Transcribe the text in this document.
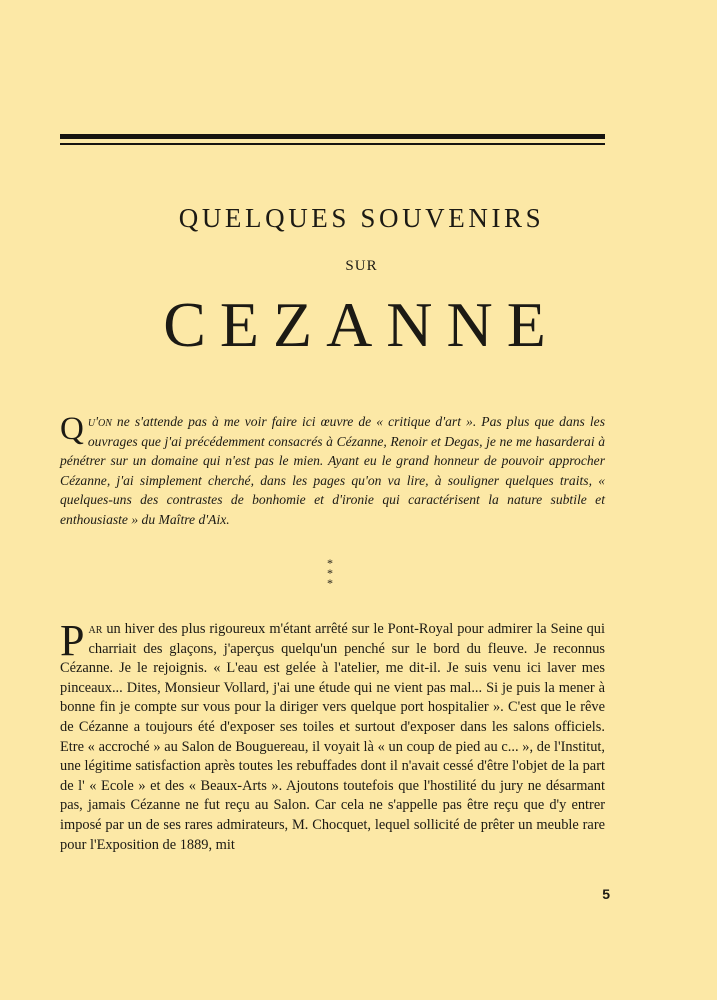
QUELQUES SOUVENIRS
SUR
CEZANNE

Qu'on ne s'attende pas à me voir faire ici œuvre de « critique d'art ». Pas plus que dans les ouvrages que j'ai précédemment consacrés à Cézanne, Renoir et Degas, je ne me hasarderai à pénétrer sur un domaine qui n'est pas le mien. Ayant eu le grand honneur de pouvoir approcher Cézanne, j'ai simplement cherché, dans les pages qu'on va lire, à souligner quelques traits, « quelques-uns des contrastes de bonhomie et d'ironie qui caractérisent la nature subtile et enthousiaste » du Maître d'Aix.

*
* *

Par un hiver des plus rigoureux m'étant arrêté sur le Pont-Royal pour admirer la Seine qui charriait des glaçons, j'aperçus quelqu'un penché sur le bord du fleuve. Je reconnus Cézanne. Je le rejoignis. « L'eau est gelée à l'atelier, me dit-il. Je suis venu ici laver mes pinceaux... Dites, Monsieur Vollard, j'ai une étude qui ne vient pas mal... Si je puis la mener à bonne fin je compte sur vous pour la diriger vers quelque port hospitalier ». C'est que le rêve de Cézanne a toujours été d'exposer ses toiles et surtout d'exposer dans les salons officiels. Etre « accroché » au Salon de Bouguereau, il voyait là « un coup de pied au c... », de l'Institut, une légitime satisfaction après toutes les rebuffades dont il n'avait cessé d'être l'objet de la part de l' « Ecole » et des « Beaux-Arts ». Ajoutons toutefois que l'hostilité du jury ne désarmant pas, jamais Cézanne ne fut reçu au Salon. Car cela ne s'appelle pas être reçu que d'y entrer imposé par un de ses rares admirateurs, M. Chocquet, lequel sollicité de prêter un meuble rare pour l'Exposition de 1889, mit

5
